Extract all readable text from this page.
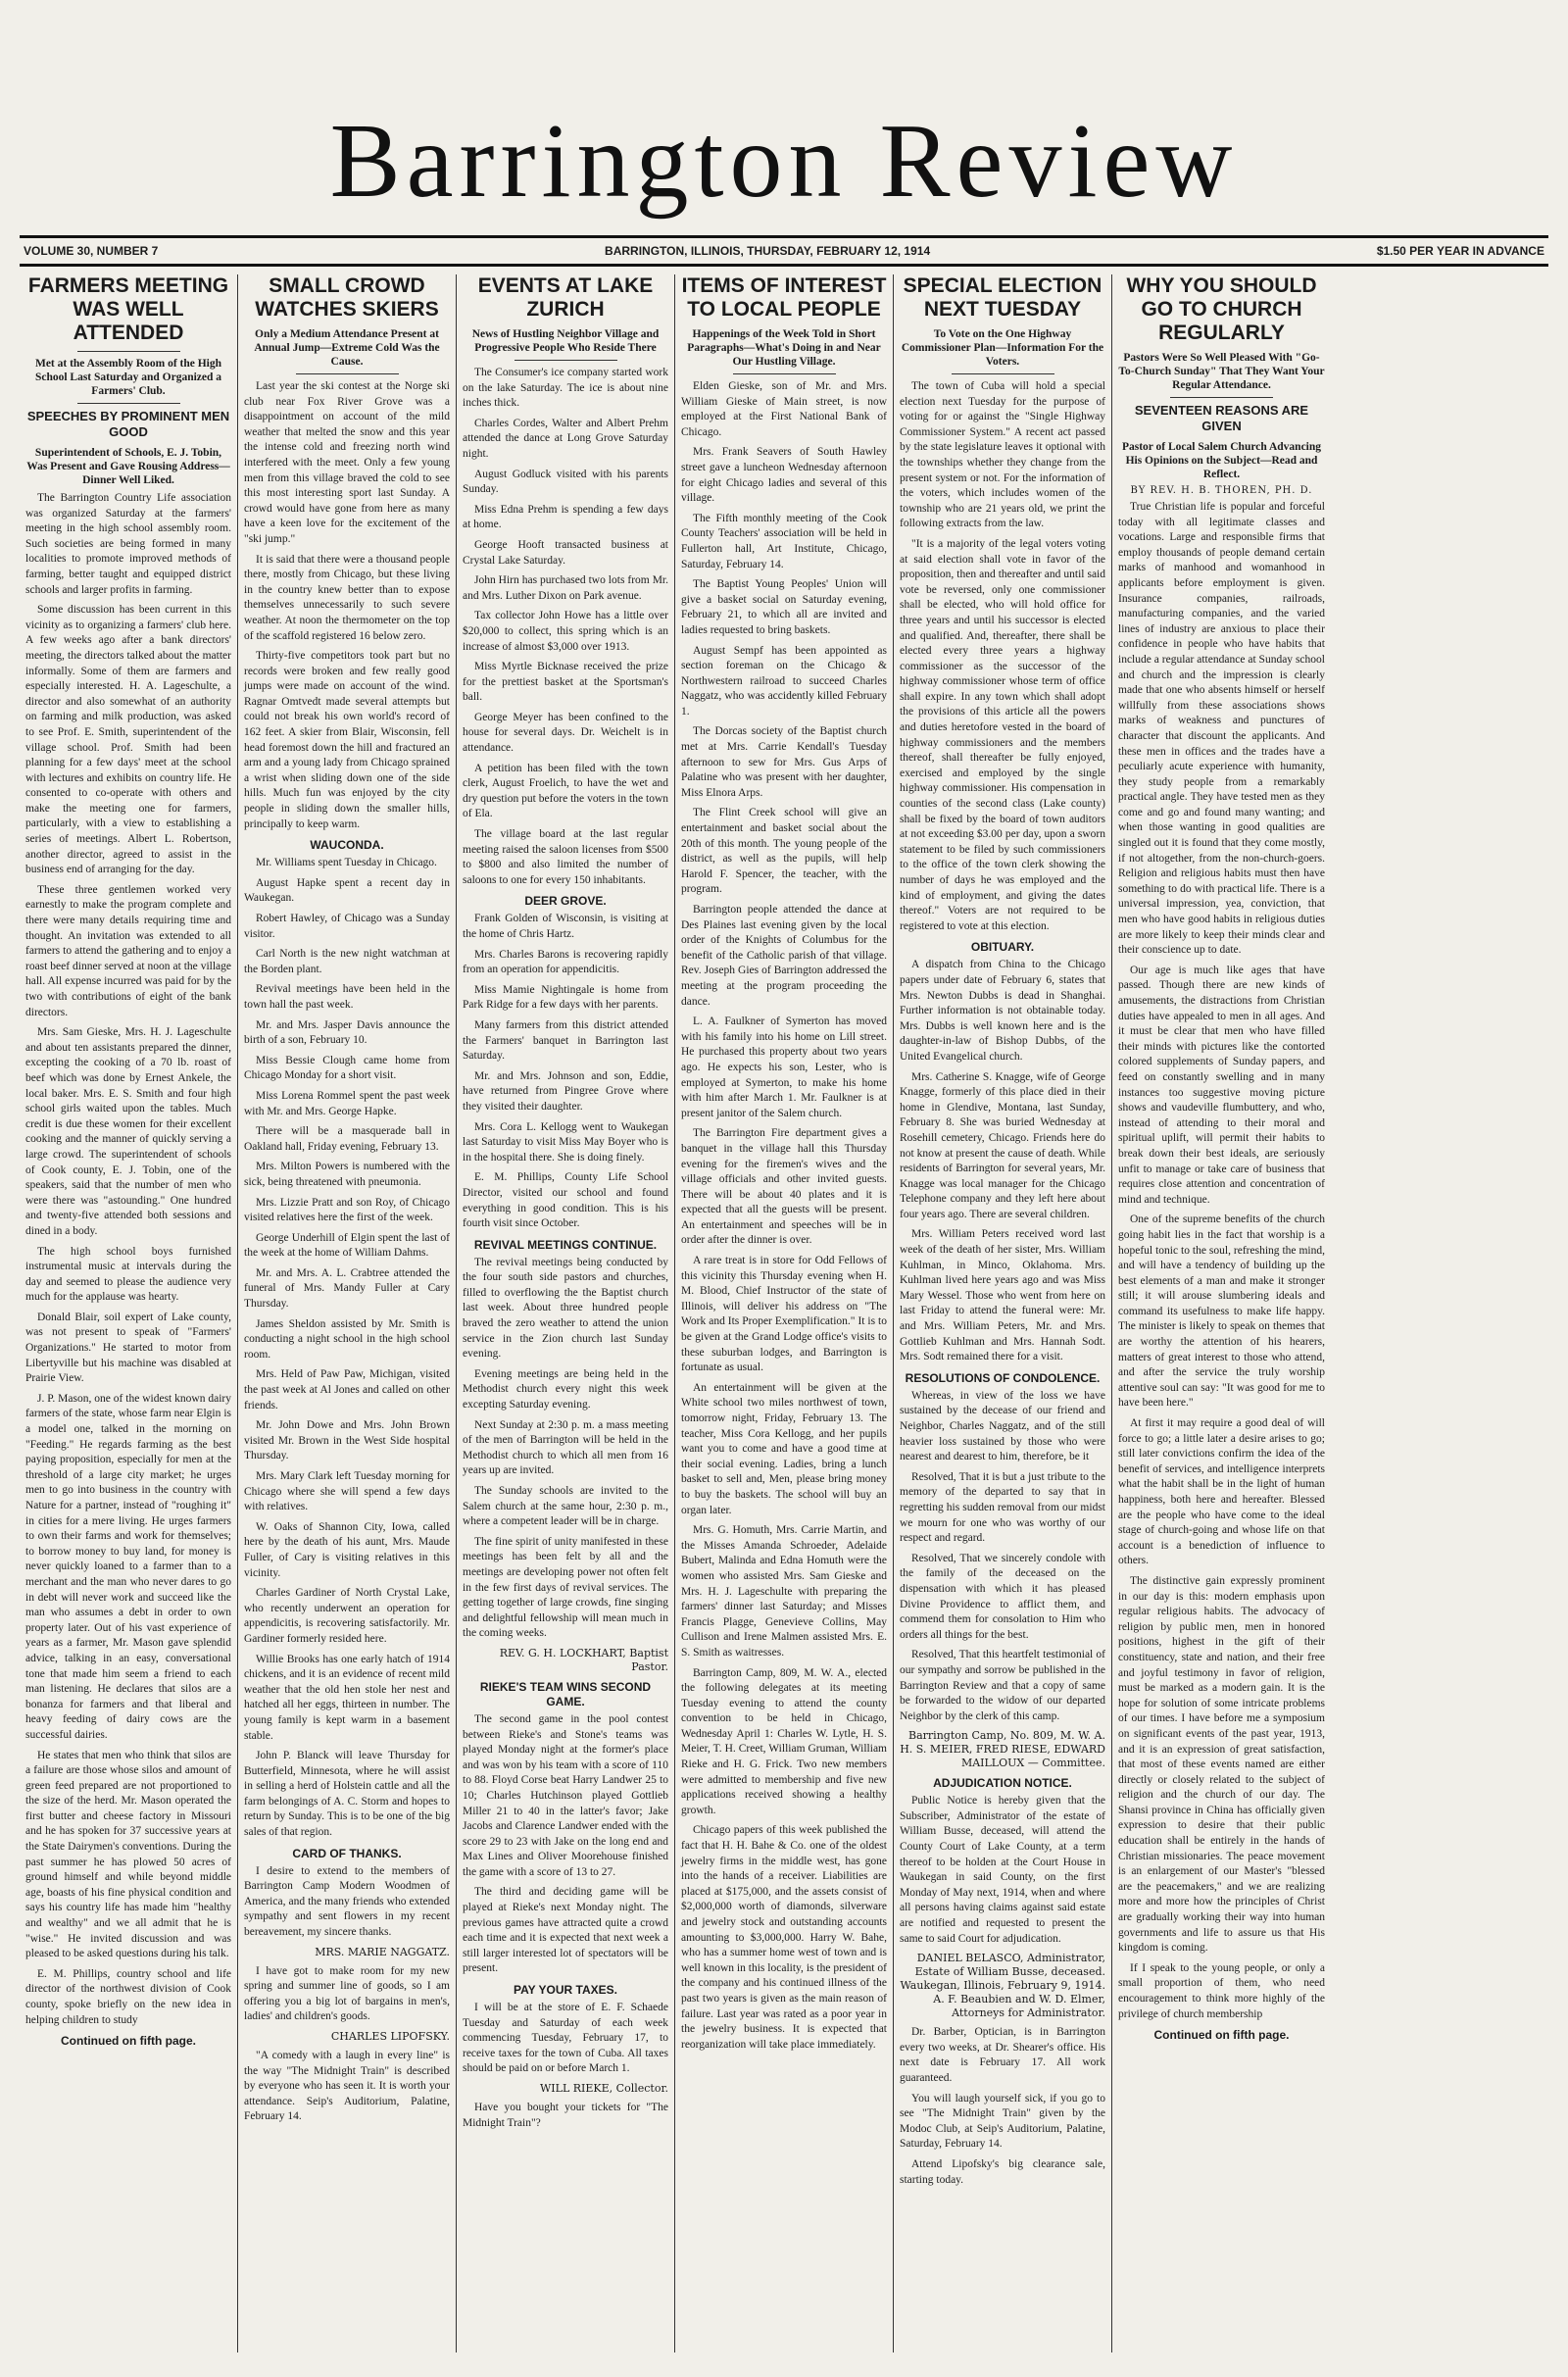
Barrington Review
VOLUME 30, NUMBER 7	BARRINGTON, ILLINOIS, THURSDAY, FEBRUARY 12, 1914	$1.50 PER YEAR IN ADVANCE
FARMERS MEETING WAS WELL ATTENDED
Met at the Assembly Room of the High School Last Saturday and Organized a Farmers' Club.
SPEECHES BY PROMINENT MEN GOOD
Superintendent of Schools, E. J. Tobin, Was Present and Gave Rousing Address—Dinner Well Liked.

The Barrington Country Life association was organized Saturday at the farmers' meeting in the high school assembly room. Such societies are being formed in many localities to promote improved methods of farming, better taught and equipped district schools and larger profits in farming.

Some discussion has been current in this vicinity as to organizing a farmers' club here. A few weeks ago after a bank directors' meeting, the directors talked about the matter informally. Some of them are farmers and especially interested. H. A. Lageschulte, a director and also somewhat of an authority on farming and milk production, was asked to see Prof. E. Smith, superintendent of the village school. Prof. Smith had been planning for a few days' meet at the school with lectures and exhibits on country life. He consented to co-operate with others and make the meeting one for farmers, particularly, with a view to establishing a series of meetings. Albert L. Robertson, another director, agreed to assist in the business end of arranging for the day.

These three gentlemen worked very earnestly to make the program complete and there were many details requiring time and thought. An invitation was extended to all farmers to attend the gathering and to enjoy a roast beef dinner served at noon at the village hall. All expense incurred was paid for by the two with contributions of eight of the bank directors.

Mrs. Sam Gieske, Mrs. H. J. Lageschulte and about ten assistants prepared the dinner, excepting the cooking of a 70 lb. roast of beef which was done by Ernest Ankele, the local baker. Mrs. E. S. Smith and four high school girls waited upon the tables. Much credit is due these women for their excellent cooking and the manner of quickly serving a large crowd. The superintendent of schools of Cook county, E. J. Tobin, one of the speakers, said that the number of men who were there was "astounding." One hundred and twenty-five attended both sessions and dined in a body.

The high school boys furnished instrumental music at intervals during the day and seemed to please the audience very much for the applause was hearty.

Donald Blair, soil expert of Lake county, was not present to speak of "Farmers' Organizations." He started to motor from Libertyville but his machine was disabled at Prairie View.

J. P. Mason, one of the widest known dairy farmers of the state, whose farm near Elgin is a model one, talked in the morning on "Feeding." He regards farming as the best paying proposition, especially for men at the threshold of a large city market; he urges men to go into business in the country with Nature for a partner, instead of "roughing it" in cities for a mere living. He urges farmers to own their farms and work for themselves; to borrow money to buy land, for money is never quickly loaned to a farmer than to a merchant and the man who never dares to go in debt will never work and succeed like the man who assumes a debt in order to own property later. Out of his vast experience of years as a farmer, Mr. Mason gave splendid advice, talking in an easy, conversational tone that made him seem a friend to each man listening. He declares that silos are a bonanza for farmers and that liberal and heavy feeding of dairy cows are the successful dairies.

He states that men who think that silos are a failure are those whose silos and amount of green feed prepared are not proportioned to the size of the herd. Mr. Mason operated the first butter and cheese factory in Missouri and he has spoken for 37 successive years at the State Dairymen's conventions. During the past summer he has plowed 50 acres of ground himself and while beyond middle age, boasts of his fine physical condition and says his country life has made him "healthy and wealthy" and we all admit that he is "wise." He invited discussion and was pleased to be asked questions during his talk.

E. M. Phillips, country school and life director of the northwest division of Cook county, spoke briefly on the new idea in helping children to study

Continued on fifth page.
SMALL CROWD WATCHES SKIERS
Only a Medium Attendance Present at Annual Jump—Extreme Cold Was the Cause.

Last year the ski contest at the Norge ski club near Fox River Grove was a disappointment on account of the mild weather that melted the snow and this year the intense cold and freezing north wind interfered with the meet. Only a few young men from this village braved the cold to see this most interesting sport last Sunday. A crowd would have gone from here as many have a keen love for the excitement of the "ski jump."

It is said that there were a thousand people there, mostly from Chicago, but these living in the country knew better than to expose themselves unnecessarily to such severe weather. At noon the thermometer on the top of the scaffold registered 16 below zero.

Thirty-five competitors took part but no records were broken and few really good jumps were made on account of the wind. Ragnar Omtvedt made several attempts but could not break his own world's record of 162 feet. A skier from Blair, Wisconsin, fell head foremost down the hill and fractured an arm and a young lady from Chicago sprained a wrist when sliding down one of the side hills. Much fun was enjoyed by the city people in sliding down the smaller hills, principally to keep warm.

WAUCONDA.

Mr. Williams spent Tuesday in Chicago.

August Hapke spent a recent day in Waukegan.

Robert Hawley, of Chicago was a Sunday visitor.

Carl North is the new night watchman at the Borden plant.

Revival meetings have been held in the town hall the past week.

Mr. and Mrs. Jasper Davis announce the birth of a son, February 10.

Miss Bessie Clough came home from Chicago Monday for a short visit.

Miss Lorena Rommel spent the past week with Mr. and Mrs. George Hapke.

There will be a masquerade ball in Oakland hall, Friday evening, February 13.

Mrs. Milton Powers is numbered with the sick, being threatened with pneumonia.

Mrs. Lizzie Pratt and son Roy, of Chicago visited relatives here the first of the week.

George Underhill of Elgin spent the last of the week at the home of William Dahms.

Mr. and Mrs. A. L. Crabtree attended the funeral of Mrs. Mandy Fuller at Cary Thursday.

James Sheldon assisted by Mr. Smith is conducting a night school in the high school room.

Mrs. Held of Paw Paw, Michigan, visited the past week at Al Jones and called on other friends.

Mr. John Dowe and Mrs. John Brown visited Mr. Brown in the West Side hospital Thursday.

Mrs. Mary Clark left Tuesday morning for Chicago where she will spend a few days with relatives.

W. Oaks of Shannon City, Iowa, called here by the death of his aunt, Mrs. Maude Fuller, of Cary is visiting relatives in this vicinity.

Charles Gardiner of North Crystal Lake, who recently underwent an operation for appendicitis, is recovering satisfactorily. Mr. Gardiner formerly resided here.

Willie Brooks has one early hatch of 1914 chickens, and it is an evidence of recent mild weather that the old hen stole her nest and hatched all her eggs, thirteen in number. The young family is kept warm in a basement stable.

John P. Blanck will leave Thursday for Butterfield, Minnesota, where he will assist in selling a herd of Holstein cattle and all the farm belongings of A. C. Storm and hopes to return by Sunday. This is to be one of the big sales of that region.

CARD OF THANKS.

I desire to extend to the members of Barrington Camp Modern Woodmen of America, and the many friends who extended sympathy and sent flowers in my recent bereavement, my sincere thanks.

MRS. MARIE NAGGATZ.

I have got to make room for my new spring and summer line of goods, so I am offering you a big lot of bargains in men's, ladies' and children's goods.

CHARLES LIPOFSKY.

"A comedy with a laugh in every line" is the way "The Midnight Train" is described by everyone who has seen it. It is worth your attendance. Seip's Auditorium, Palatine, February 14.

EVENTS AT LAKE ZURICH
News of Hustling Neighbor Village and Progressive People Who Reside There

The Consumer's ice company started work on the lake Saturday. The ice is about nine inches thick.

Charles Cordes, Walter and Albert Prehm attended the dance at Long Grove Saturday night.

August Godluck visited with his parents Sunday.

Miss Edna Prehm is spending a few days at home.

George Hooft transacted business at Crystal Lake Saturday.

John Hirn has purchased two lots from Mr. and Mrs. Luther Dixon on Park avenue.

Tax collector John Howe has a little over $20,000 to collect, this spring which is an increase of almost $3,000 over 1913.

Miss Myrtle Bicknase received the prize for the prettiest basket at the Sportsman's ball.

George Meyer has been confined to the house for several days. Dr. Weichelt is in attendance.

A petition has been filed with the town clerk, August Froelich, to have the wet and dry question put before the voters in the town of Ela.

The village board at the last regular meeting raised the saloon licenses from $500 to $800 and also limited the number of saloons to one for every 150 inhabitants.

DEER GROVE.

Frank Golden of Wisconsin, is visiting at the home of Chris Hartz.

Mrs. Charles Barons is recovering rapidly from an operation for appendicitis.

Miss Mamie Nightingale is home from Park Ridge for a few days with her parents.

Many farmers from this district attended the Farmers' banquet in Barrington last Saturday.

Mr. and Mrs. Johnson and son, Eddie, have returned from Pingree Grove where they visited their daughter.

Mrs. Cora L. Kellogg went to Waukegan last Saturday to visit Miss May Boyer who is in the hospital there. She is doing finely.

E. M. Phillips, County Life School Director, visited our school and found everything in good condition. This is his fourth visit since October.

REVIVAL MEETINGS CONTINUE.

The revival meetings being conducted by the four south side pastors and churches, filled to overflowing the the Baptist church last week. About three hundred people braved the zero weather to attend the union service in the Zion church last Sunday evening.

Evening meetings are being held in the Methodist church every night this week excepting Saturday evening.

Next Sunday at 2:30 p. m. a mass meeting of the men of Barrington will be held in the Methodist church to which all men from 16 years up are invited.

The Sunday schools are invited to the Salem church at the same hour, 2:30 p. m., where a competent leader will be in charge.

The fine spirit of unity manifested in these meetings has been felt by all and the meetings are developing power not often felt in the few first days of revival services. The getting together of large crowds, fine singing and delightful fellowship will mean much in the coming weeks.

REV. G. H. LOCKHART, Baptist Pastor.
RIEKE'S TEAM WINS SECOND GAME.

The second game in the pool contest between Rieke's and Stone's teams was played Monday night at the former's place and was won by his team with a score of 110 to 88. Floyd Corse beat Harry Landwer 25 to 10; Charles Hutchinson played Gottlieb Miller 21 to 40 in the latter's favor; Jake Jacobs and Clarence Landwer ended with the score 29 to 23 with Jake on the long end and Max Lines and Oliver Moorehouse finished the game with a score of 13 to 27.

The third and deciding game will be played at Rieke's next Monday night. The previous games have attracted quite a crowd each time and it is expected that next week a still larger interested lot of spectators will be present.

PAY YOUR TAXES.

I will be at the store of E. F. Schaede Tuesday and Saturday of each week commencing Tuesday, February 17, to receive taxes for the town of Cuba. All taxes should be paid on or before March 1.

WILL RIEKE, Collector.

Have you bought your tickets for "The Midnight Train"?

ITEMS OF INTEREST TO LOCAL PEOPLE
Happenings of the Week Told in Short Paragraphs—What's Doing in and Near Our Hustling Village.

Elden Gieske, son of Mr. and Mrs. William Gieske of Main street, is now employed at the First National Bank of Chicago.

Mrs. Frank Seavers of South Hawley street gave a luncheon Wednesday afternoon for eight Chicago ladies and several of this village.

The Fifth monthly meeting of the Cook County Teachers' association will be held in Fullerton hall, Art Institute, Chicago, Saturday, February 14.

The Baptist Young Peoples' Union will give a basket social on Saturday evening, February 21, to which all are invited and ladies requested to bring baskets.

August Sempf has been appointed as section foreman on the Chicago & Northwestern railroad to succeed Charles Naggatz, who was accidently killed February 1.

The Dorcas society of the Baptist church met at Mrs. Carrie Kendall's Tuesday afternoon to sew for Mrs. Gus Arps of Palatine who was present with her daughter, Miss Elnora Arps.

The Flint Creek school will give an entertainment and basket social about the 20th of this month. The young people of the district, as well as the pupils, will help Harold F. Spencer, the teacher, with the program.

Barrington people attended the dance at Des Plaines last evening given by the local order of the Knights of Columbus for the benefit of the Catholic parish of that village. Rev. Joseph Gies of Barrington addressed the meeting at the program proceeding the dance.

L. A. Faulkner of Symerton has moved with his family into his home on Lill street. He purchased this property about two years ago. He expects his son, Lester, who is employed at Symerton, to make his home with him after March 1. Mr. Faulkner is at present janitor of the Salem church.

The Barrington Fire department gives a banquet in the village hall this Thursday evening for the firemen's wives and the village officials and other invited guests. There will be about 40 plates and it is expected that all the guests will be present. An entertainment and speeches will be in order after the dinner is over.

A rare treat is in store for Odd Fellows of this vicinity this Thursday evening when H. M. Blood, Chief Instructor of the state of Illinois, will deliver his address on "The Work and Its Proper Exemplification." It is to be given at the Grand Lodge office's visits to these suburban lodges, and Barrington is fortunate as usual.

An entertainment will be given at the White school two miles northwest of town, tomorrow night, Friday, February 13. The teacher, Miss Cora Kellogg, and her pupils want you to come and have a good time at their social evening. Ladies, bring a lunch basket to sell and, Men, please bring money to buy the baskets. The school will buy an organ later.

Mrs. G. Homuth, Mrs. Carrie Martin, and the Misses Amanda Schroeder, Adelaide Bubert, Malinda and Edna Homuth were the women who assisted Mrs. Sam Gieske and Mrs. H. J. Lageschulte with preparing the farmers' dinner last Saturday; and Misses Francis Plagge, Genevieve Collins, May Cullison and Irene Malmen assisted Mrs. E. S. Smith as waitresses.

Barrington Camp, 809, M. W. A., elected the following delegates at its meeting Tuesday evening to attend the county convention to be held in Chicago, Wednesday April 1: Charles W. Lytle, H. S. Meier, T. H. Creet, William Gruman, William Rieke and H. G. Frick. Two new members were admitted to membership and five new applications received showing a healthy growth.

Chicago papers of this week published the fact that H. H. Bahe & Co. one of the oldest jewelry firms in the middle west, has gone into the hands of a receiver. Liabilities are placed at $175,000, and the assets consist of $2,000,000 worth of diamonds, silverware and jewelry stock and outstanding accounts amounting to $3,000,000. Harry W. Bahe, who has a summer home west of town and is well known in this locality, is the president of the company and his continued illness of the past two years is given as the main reason of failure. Last year was rated as a poor year in the jewelry business. It is expected that reorganization will take place immediately.

SPECIAL ELECTION NEXT TUESDAY
To Vote on the One Highway Commissioner Plan—Information For the Voters.

The town of Cuba will hold a special election next Tuesday for the purpose of voting for or against the "Single Highway Commissioner System." A recent act passed by the state legislature leaves it optional with the townships whether they change from the present system or not. For the information of the voters, which includes women of the township who are 21 years old, we print the following extracts from the law.

"It is a majority of the legal voters voting at said election shall vote in favor of the proposition, then and thereafter and until said vote be reversed, only one commissioner shall be elected, who will hold office for three years and until his successor is elected and qualified. And, thereafter, there shall be elected every three years a highway commissioner as the successor of the highway commissioner whose term of office shall expire. In any town which shall adopt the provisions of this article all the powers and duties heretofore vested in the board of highway commissioners and the members thereof, shall thereafter be fully enjoyed, exercised and employed by the single highway commissioner. His compensation in counties of the second class (Lake county) shall be fixed by the board of town auditors at not exceeding $3.00 per day, upon a sworn statement to be filed by such commissioners to the office of the town clerk showing the number of days he was employed and the kind of employment, and giving the dates thereof." Voters are not required to be registered to vote at this election.

OBITUARY.

A dispatch from China to the Chicago papers under date of February 6, states that Mrs. Newton Dubbs is dead in Shanghai. Further information is not obtainable today. Mrs. Dubbs is well known here and is the daughter-in-law of Bishop Dubbs, of the United Evangelical church.

Mrs. Catherine S. Knagge, wife of George Knagge, formerly of this place died in their home in Glendive, Montana, last Sunday, February 8. She was buried Wednesday at Rosehill cemetery, Chicago. Friends here do not know at present the cause of death. While residents of Barrington for several years, Mr. Knagge was local manager for the Chicago Telephone company and they left here about four years ago. There are several children.

Mrs. William Peters received word last week of the death of her sister, Mrs. William Kuhlman, in Minco, Oklahoma. Mrs. Kuhlman lived here years ago and was Miss Mary Wessel. Those who went from here on last Friday to attend the funeral were: Mr. and Mrs. William Peters, Mr. and Mrs. Gottlieb Kuhlman and Mrs. Hannah Sodt. Mrs. Sodt remained there for a visit.

RESOLUTIONS OF CONDOLENCE.

Whereas, in view of the loss we have sustained by the decease of our friend and Neighbor, Charles Naggatz, and of the still heavier loss sustained by those who were nearest and dearest to him, therefore, be it

Resolved, That it is but a just tribute to the memory of the departed to say that in regretting his sudden removal from our midst we mourn for one who was worthy of our respect and regard.

Resolved, That we sincerely condole with the family of the deceased on the dispensation with which it has pleased Divine Providence to afflict them, and commend them for consolation to Him who orders all things for the best.

Resolved, That this heartfelt testimonial of our sympathy and sorrow be published in the Barrington Review and that a copy of same be forwarded to the widow of our departed Neighbor by the clerk of this camp.

Barrington Camp, No. 809, M. W. A. H. S. MEIER, FRED RIESE, EDWARD MAILLOUX — Committee.
ADJUDICATION NOTICE.

Public Notice is hereby given that the Subscriber, Administrator of the estate of William Busse, deceased, will attend the County Court of Lake County, at a term thereof to be holden at the Court House in Waukegan in said County, on the first Monday of May next, 1914, when and where all persons having claims against said estate are notified and requested to present the same to said Court for adjudication.

DANIEL BELASCO, Administrator, Estate of William Busse, deceased. Waukegan, Illinois, February 9, 1914. A. F. Beaubien and W. D. Elmer, Attorneys for Administrator.

Dr. Barber, Optician, is in Barrington every two weeks, at Dr. Shearer's office. His next date is February 17. All work guaranteed.

You will laugh yourself sick, if you go to see "The Midnight Train" given by the Modoc Club, at Seip's Auditorium, Palatine, Saturday, February 14.

Attend Lipofsky's big clearance sale, starting today.

WHY YOU SHOULD GO TO CHURCH REGULARLY
Pastors Were So Well Pleased With "Go-To-Church Sunday" That They Want Your Regular Attendance.
SEVENTEEN REASONS ARE GIVEN
Pastor of Local Salem Church Advancing His Opinions on the Subject—Read and Reflect.
BY REV. H. B. THOREN, PH. D.

True Christian life is popular and forceful today with all legitimate classes and vocations. Large and responsible firms that employ thousands of people demand certain marks of manhood and womanhood in applicants before employment is given. Insurance companies, railroads, manufacturing companies, and the varied lines of industry are anxious to place their confidence in people who have habits that include a regular attendance at Sunday school and church and the impression is clearly made that one who absents himself or herself willfully from these associations shows marks of weakness and punctures of character that discount the applicants. And these men in offices and the trades have a peculiarly acute experience with humanity, they study people from a remarkably practical angle. They have tested men as they come and go and found many wanting; and when those wanting in good qualities are singled out it is found that they come mostly, if not altogether, from the non-church-goers. Religion and religious habits must then have something to do with practical life. There is a universal impression, yea, conviction, that men who have good habits in religious duties are more likely to keep their minds clear and their conscience up to date.

Our age is much like ages that have passed. Though there are new kinds of amusements, the distractions from Christian duties have appealed to men in all ages. And it must be clear that men who have filled their minds with pictures like the contorted colored supplements of Sunday papers, and feed on constantly swelling and in many instances too suggestive moving picture shows and vaudeville flumbuttery, and who, instead of attending to their moral and spiritual uplift, will permit their habits to break down their best ideals, are seriously unfit to manage or take care of business that requires close attention and concentration of mind and technique.

One of the supreme benefits of the church going habit lies in the fact that worship is a hopeful tonic to the soul, refreshing the mind, and will have a tendency of building up the best elements of a man and make it stronger still; it will arouse slumbering ideals and command its usefulness to make life happy. The minister is likely to speak on themes that are worthy the attention of his hearers, matters of great interest to those who attend, and after the service the truly worship attentive soul can say: "It was good for me to have been here."

At first it may require a good deal of will force to go; a little later a desire arises to go; still later convictions confirm the idea of the benefit of services, and intelligence interprets what the habit shall be in the light of human happiness, both here and hereafter. Blessed are the people who have come to the ideal stage of church-going and whose life on that account is a benediction of influence to others.

The distinctive gain expressly prominent in our day is this: modern emphasis upon regular religious habits. The advocacy of religion by public men, men in honored positions, highest in the gift of their constituency, state and nation, and their free and joyful testimony in favor of religion, must be marked as a modern gain. It is the hope for solution of some intricate problems of our times. I have before me a symposium on significant events of the past year, 1913, and it is an expression of great satisfaction, that most of these events named are either directly or closely related to the subject of religion and the church of our day. The Shansi province in China has officially given expression to desire that their public education shall be entirely in the hands of Christian missionaries. The peace movement is an enlargement of our Master's "blessed are the peacemakers," and we are realizing more and more how the principles of Christ are gradually working their way into human governments and life to assure us that His kingdom is coming.

If I speak to the young people, or only a small proportion of them, who need encouragement to think more highly of the privilege of church membership

Continued on fifth page.
